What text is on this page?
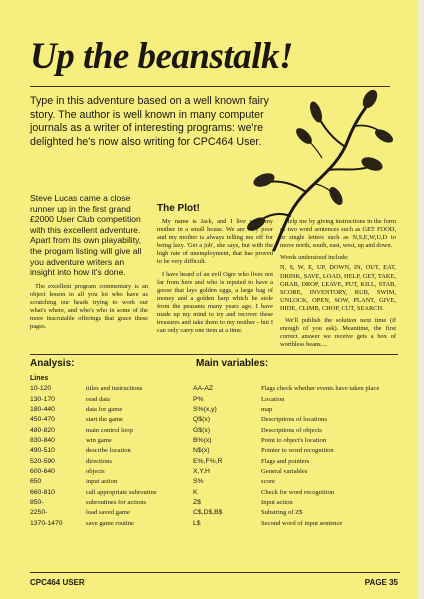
Up the beanstalk!

Type in this adventure based on a well known fairy story. The author is well known in many computer journals as a writer of interesting programs: we're delighted he's now also writing for CPC464 User.

Steve Lucas came a close runner up in the first grand £2000 User Club competition with this excellent adventure. Apart from its own playability, the progam listing will give all you adventure writers an insight into how it's done.

The excellent program commentary is an object lesson to all you lot who have us scratching our heads trying to work our what's where, and who's who in some of the more inscrutable offerings that grace these pages.

The Plot!

My name is Jack, and I live with my mother in a small house. We are very poor and my mother is always telling me off for being lazy. 'Get a job', she says, but with the high rate of unemployment, that has proved to be very difficult.

I have heard of an evil Ogre who lives not far from here and who is reputed to have a goose that lays golden eggs, a large bag of money and a golden harp which he stole from the peasants many years ago. I have made up my mind to try and recover these treasures and take them to my mother - but I can only carry one item at a time.

Help me by giving instructions in the form of two word sentences such as GET FOOD, or single letters such as N,S,E,W,U,D to move north, south, east, west, up and down.

Words understood include:

N, S, W, E, UP, DOWN, IN, OUT, EAT, DRINK, SAVE, LOAD, HELP, GET, TAKE, GRAB, DROP, LEAVE, PUT, KILL, STAB, SCORE, INVENTORY, RUB, SWIM, UNLOCK, OPEN, SOW, PLANT, GIVE, HIDE, CLIMB, CHOP, CUT, SEARCH.

We'll publish the solution next time (if enough of you ask). Meantime, the first correct answer we receive gets a box of worthless beans....

Analysis:	Main variables:
Lines			
10-120	titles and instructions	AA-AZ	Flags check whether events have taken place
130-170	read data	P%	Location
180-440	data for game	S%(x,y)	map
450-470	start the game	Q$(x)	Descriptions of locations
480-820	main control loop	G$(x)	Descriptions of objects
830-840	win game	B%(x)	Point to object's location
490-510	describe location	N$(x)	Pointer to word recognition
520-590	directions	E%,F%,R	Flags and pointers
600-640	objects	X,Y,H	General variables
650	input action	S%	score
660-810	call appropriate subroutine	K	Check for word recognition
850-	subroutines for actions	Z$	Input action
2250-	load saved game	C$,D$,B$	Substring of Z$
1370-1470	save game routine	L$	Second word of input sentence
CPC464 USER	PAGE 35
